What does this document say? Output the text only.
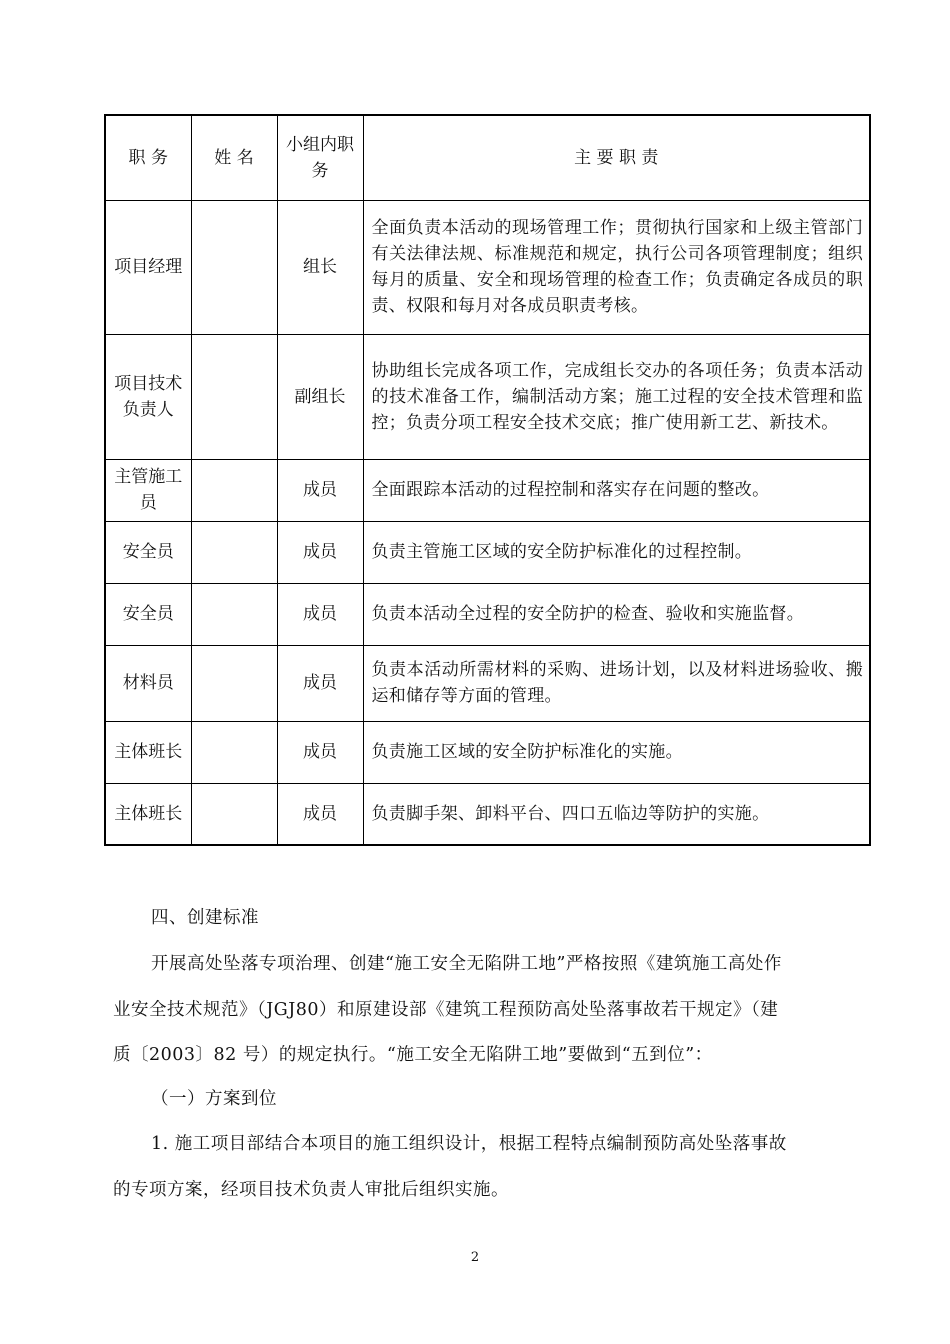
职 务	姓 名	小组内职务	主 要 职 责
项目经理		组长	全面负责本活动的现场管理工作；贯彻执行国家和上级主管部门有关法律法规、标准规范和规定，执行公司各项管理制度；组织每月的质量、安全和现场管理的检查工作；负责确定各成员的职责、权限和每月对各成员职责考核。
项目技术负责人		副组长	协助组长完成各项工作，完成组长交办的各项任务；负责本活动的技术准备工作，编制活动方案；施工过程的安全技术管理和监控；负责分项工程安全技术交底；推广使用新工艺、新技术。
主管施工员		成员	全面跟踪本活动的过程控制和落实存在问题的整改。
安全员		成员	负责主管施工区域的安全防护标准化的过程控制。
安全员		成员	负责本活动全过程的安全防护的检查、验收和实施监督。
材料员		成员	负责本活动所需材料的采购、进场计划，以及材料进场验收、搬运和储存等方面的管理。
主体班长		成员	负责施工区域的安全防护标准化的实施。
主体班长		成员	负责脚手架、卸料平台、四口五临边等防护的实施。

四、创建标准

开展高处坠落专项治理、创建“施工安全无陷阱工地”严格按照《建筑施工高处作

业安全技术规范》（JGJ80）和原建设部《建筑工程预防高处坠落事故若干规定》（建

质〔2003〕82 号）的规定执行。“施工安全无陷阱工地”要做到“五到位”：

（一）方案到位

1. 施工项目部结合本项目的施工组织设计，根据工程特点编制预防高处坠落事故

的专项方案，经项目技术负责人审批后组织实施。

2
